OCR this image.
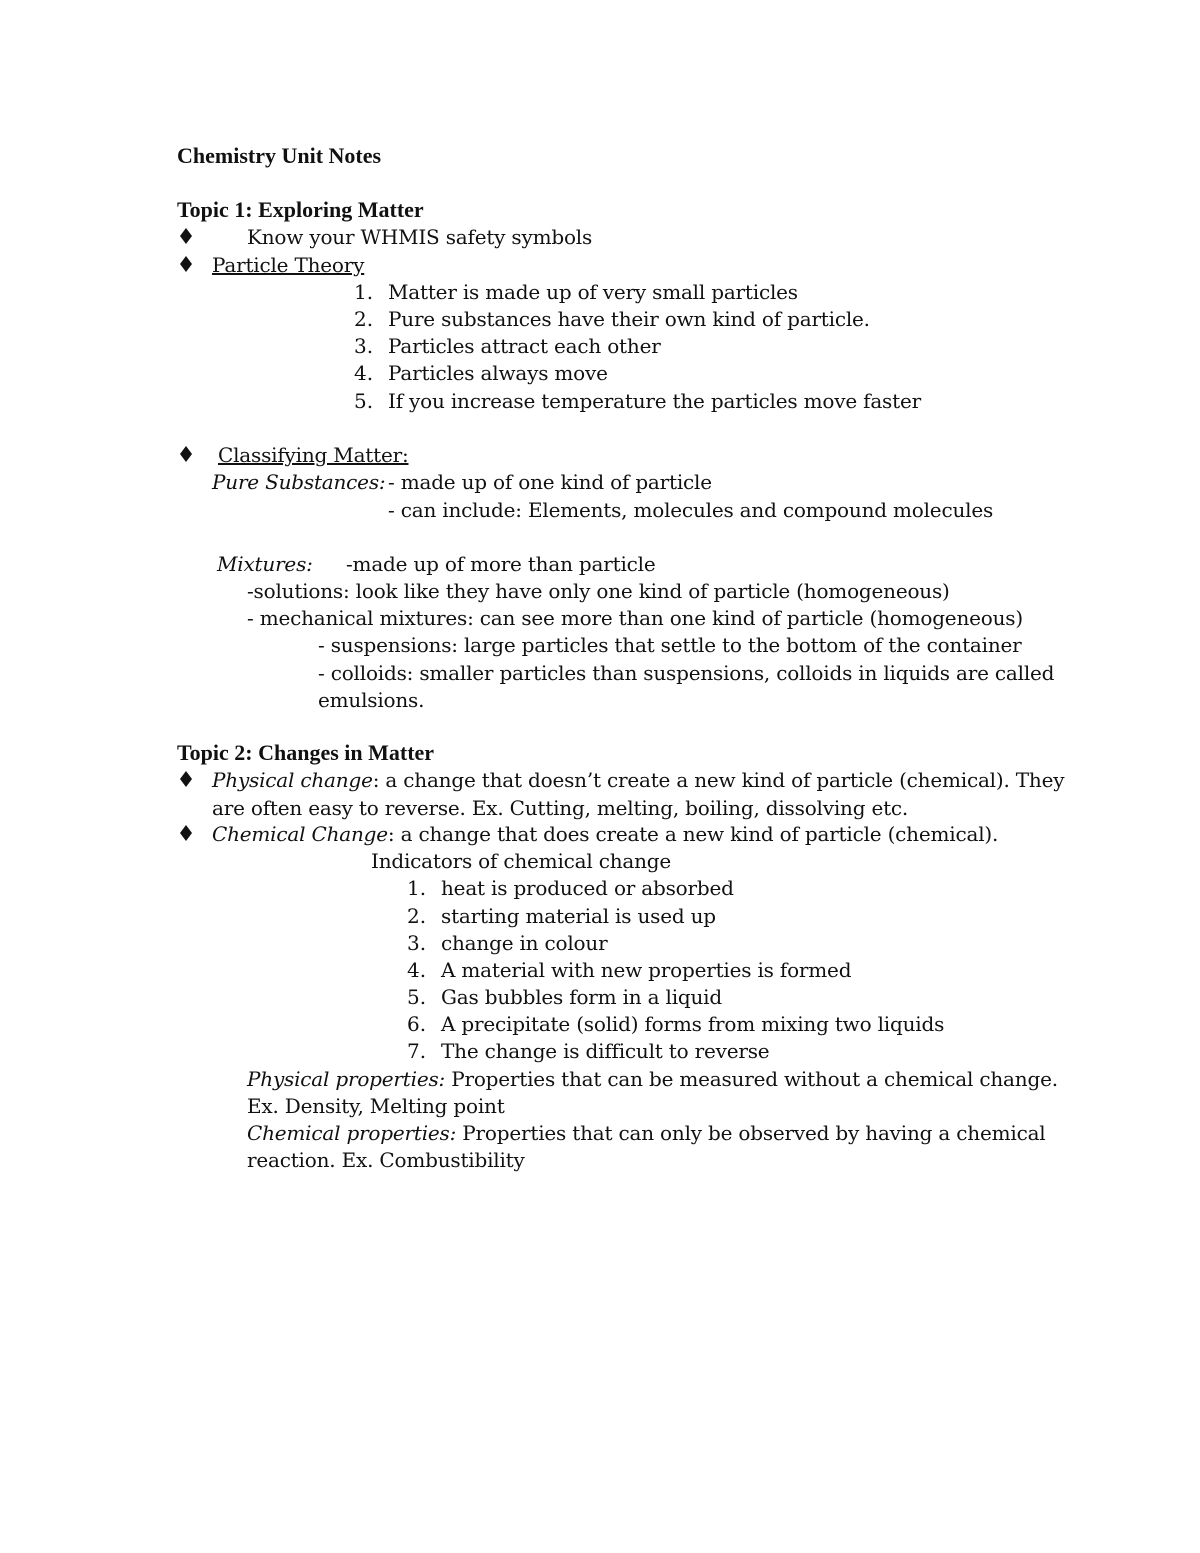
Chemistry Unit Notes
Topic 1: Exploring Matter
Know your WHMIS safety symbols
Particle Theory
1. Matter is made up of very small particles
2. Pure substances have their own kind of particle.
3. Particles attract each other
4. Particles always move
5. If you increase temperature the particles move faster
Classifying Matter:
Pure Substances: - made up of one kind of particle
- can include: Elements, molecules and compound molecules
Mixtures: -made up of more than particle
-solutions: look like they have only one kind of particle (homogeneous)
- mechanical mixtures: can see more than one kind of particle (homogeneous)
- suspensions: large particles that settle to the bottom of the container
- colloids: smaller particles than suspensions, colloids in liquids are called
emulsions.
Topic 2: Changes in Matter
Physical change: a change that doesn’t create a new kind of particle (chemical). They
are often easy to reverse. Ex. Cutting, melting, boiling, dissolving etc.
Chemical Change: a change that does create a new kind of particle (chemical).
Indicators of chemical change
1. heat is produced or absorbed
2. starting material is used up
3. change in colour
4. A material with new properties is formed
5. Gas bubbles form in a liquid
6. A precipitate (solid) forms from mixing two liquids
7. The change is difficult to reverse
Physical properties: Properties that can be measured without a chemical change.
Ex. Density, Melting point
Chemical properties: Properties that can only be observed by having a chemical
reaction. Ex. Combustibility
